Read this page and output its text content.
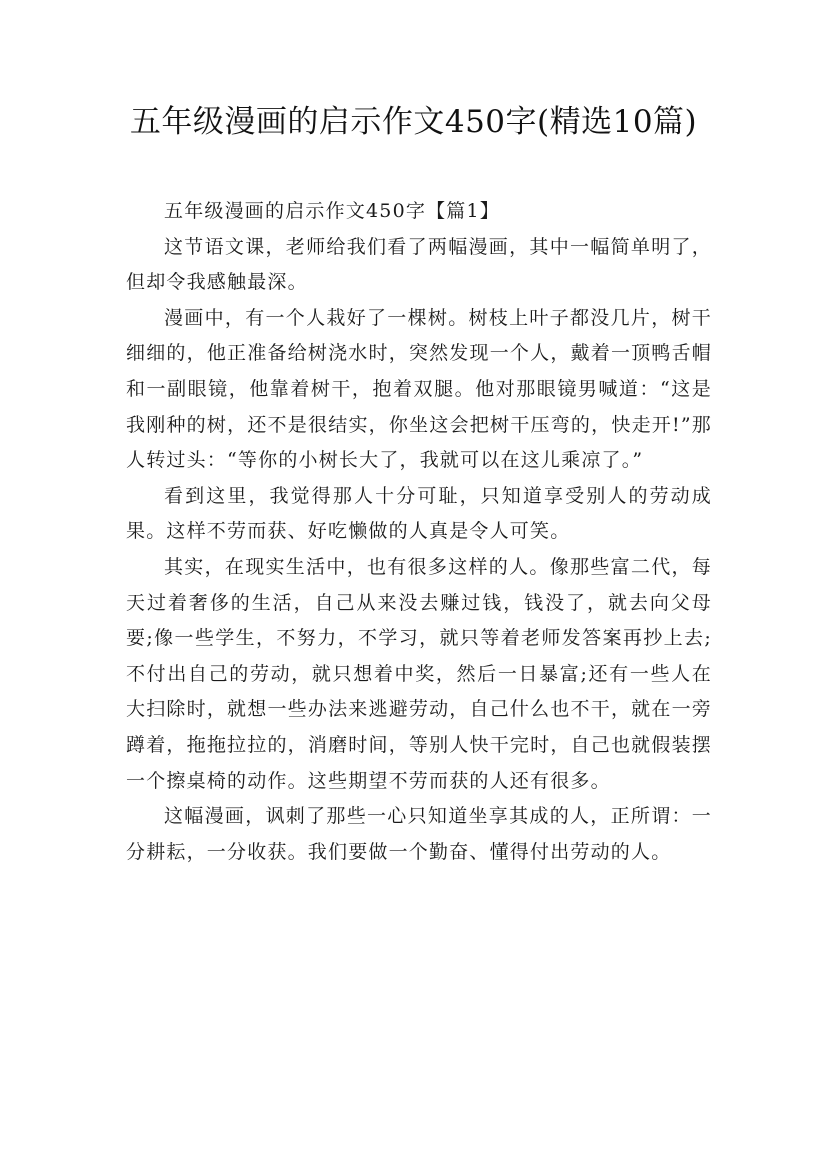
五年级漫画的启示作文450字(精选10篇)
五年级漫画的启示作文450字【篇1】

这节语文课，老师给我们看了两幅漫画，其中一幅简单明了，但却令我感触最深。

漫画中，有一个人栽好了一棵树。树枝上叶子都没几片，树干细细的，他正准备给树浇水时，突然发现一个人，戴着一顶鸭舌帽和一副眼镜，他靠着树干，抱着双腿。他对那眼镜男喊道：“这是我刚种的树，还不是很结实，你坐这会把树干压弯的，快走开!”那人转过头：“等你的小树长大了，我就可以在这儿乘凉了。”

看到这里，我觉得那人十分可耻，只知道享受别人的劳动成果。这样不劳而获、好吃懒做的人真是令人可笑。

其实，在现实生活中，也有很多这样的人。像那些富二代，每天过着奢侈的生活，自己从来没去赚过钱，钱没了，就去向父母要;像一些学生，不努力，不学习，就只等着老师发答案再抄上去;不付出自己的劳动，就只想着中奖，然后一日暴富;还有一些人在大扫除时，就想一些办法来逃避劳动，自己什么也不干，就在一旁蹲着，拖拖拉拉的，消磨时间，等别人快干完时，自己也就假装摆一个擦桌椅的动作。这些期望不劳而获的人还有很多。

这幅漫画，讽刺了那些一心只知道坐享其成的人，正所谓：一分耕耘，一分收获。我们要做一个勤奋、懂得付出劳动的人。
